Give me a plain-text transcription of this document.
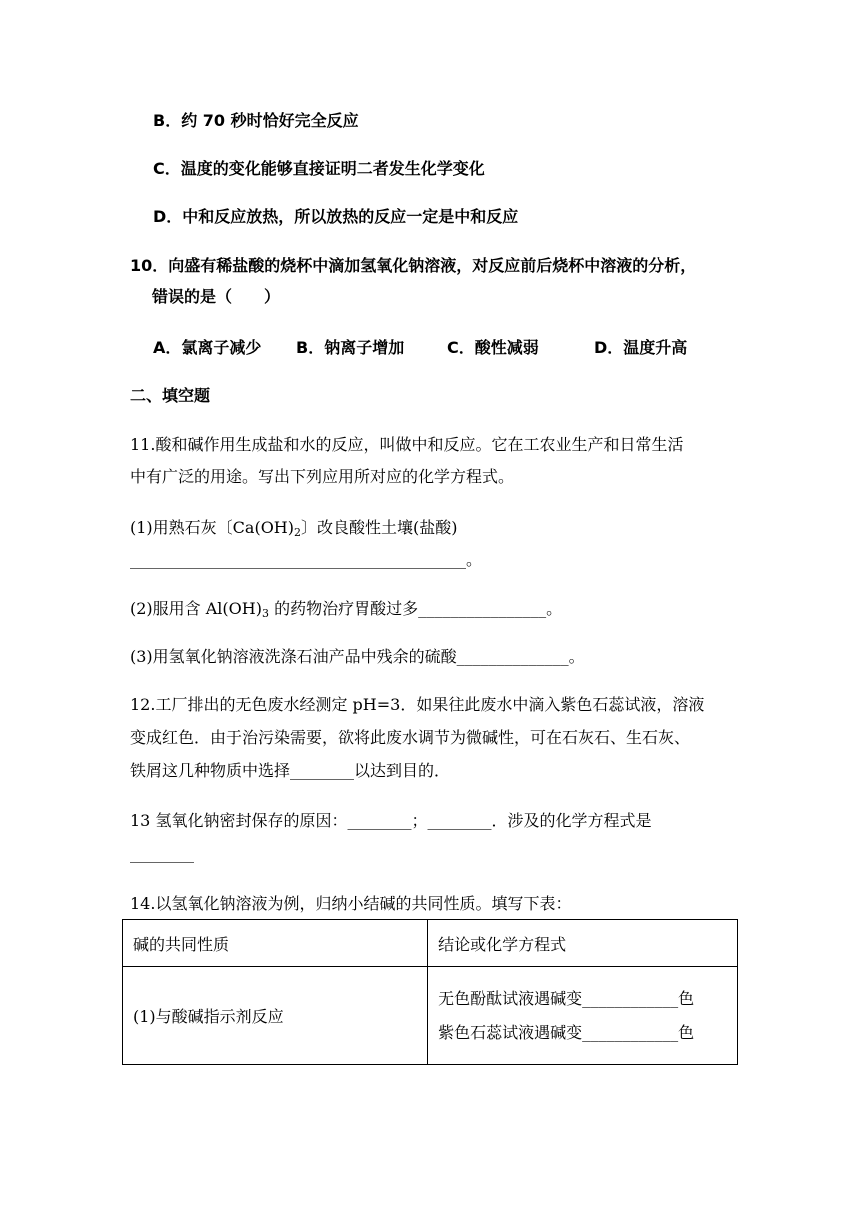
B．约 70 秒时恰好完全反应
C．温度的变化能够直接证明二者发生化学变化
D．中和反应放热，所以放热的反应一定是中和反应
10．向盛有稀盐酸的烧杯中滴加氢氧化钠溶液，对反应前后烧杯中溶液的分析，
错误的是（　　）
A．氯离子减少 B．钠离子增加	C．酸性减弱	D．温度升高
二、填空题
11.酸和碱作用生成盐和水的反应，叫做中和反应。它在工农业生产和日常生活
中有广泛的用途。写出下列应用所对应的化学方程式。
(1)用熟石灰〔$Ca(OH)_2$〕改良酸性土壤(盐酸)
__________________________________________。
(2)服用含 $Al(OH)_3$ 的药物治疗胃酸过多________________。
(3)用氢氧化钠溶液洗涤石油产品中残余的硫酸______________。
12.工厂排出的无色废水经测定 pH=3．如果往此废水中滴入紫色石蕊试液，溶液
变成红色．由于治污染需要，欲将此废水调节为微碱性，可在石灰石、生石灰、
铁屑这几种物质中选择________以达到目的．
13 氢氧化钠密封保存的原因：________；________．涉及的化学方程式是
________
14.以氢氧化钠溶液为例，归纳小结碱的共同性质。填写下表：
碱的共同性质	结论或化学方程式
(1)与酸碱指示剂反应	无色酚酞试液遇碱变____________色
紫色石蕊试液遇碱变____________色
